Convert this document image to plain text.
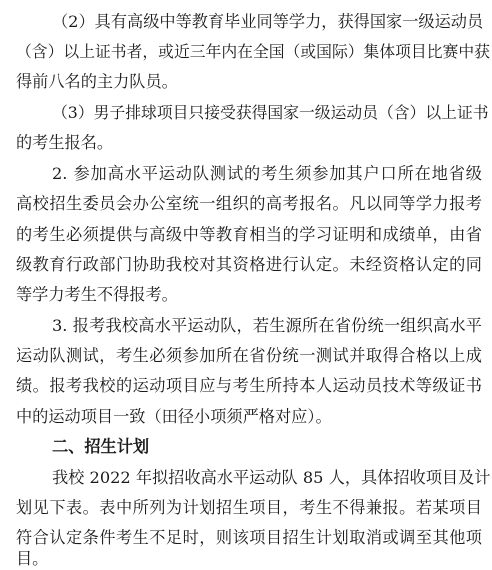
（2）具有高级中等教育毕业同等学力，获得国家一级运动员
（含）以上证书者，或近三年内在全国（或国际）集体项目比赛中获
得前八名的主力队员。
（3）男子排球项目只接受获得国家一级运动员（含）以上证书
的考生报名。
2. 参加高水平运动队测试的考生须参加其户口所在地省级
高校招生委员会办公室统一组织的高考报名。凡以同等学力报考
的考生必须提供与高级中等教育相当的学习证明和成绩单，由省
级教育行政部门协助我校对其资格进行认定。未经资格认定的同
等学力考生不得报考。
3. 报考我校高水平运动队，若生源所在省份统一组织高水平
运动队测试，考生必须参加所在省份统一测试并取得合格以上成
绩。报考我校的运动项目应与考生所持本人运动员技术等级证书
中的运动项目一致（田径小项须严格对应）。
二、招生计划
我校 2022 年拟招收高水平运动队 85 人，具体招收项目及计
划见下表。表中所列为计划招生项目，考生不得兼报。若某项目
符合认定条件考生不足时，则该项目招生计划取消或调至其他项
目。
